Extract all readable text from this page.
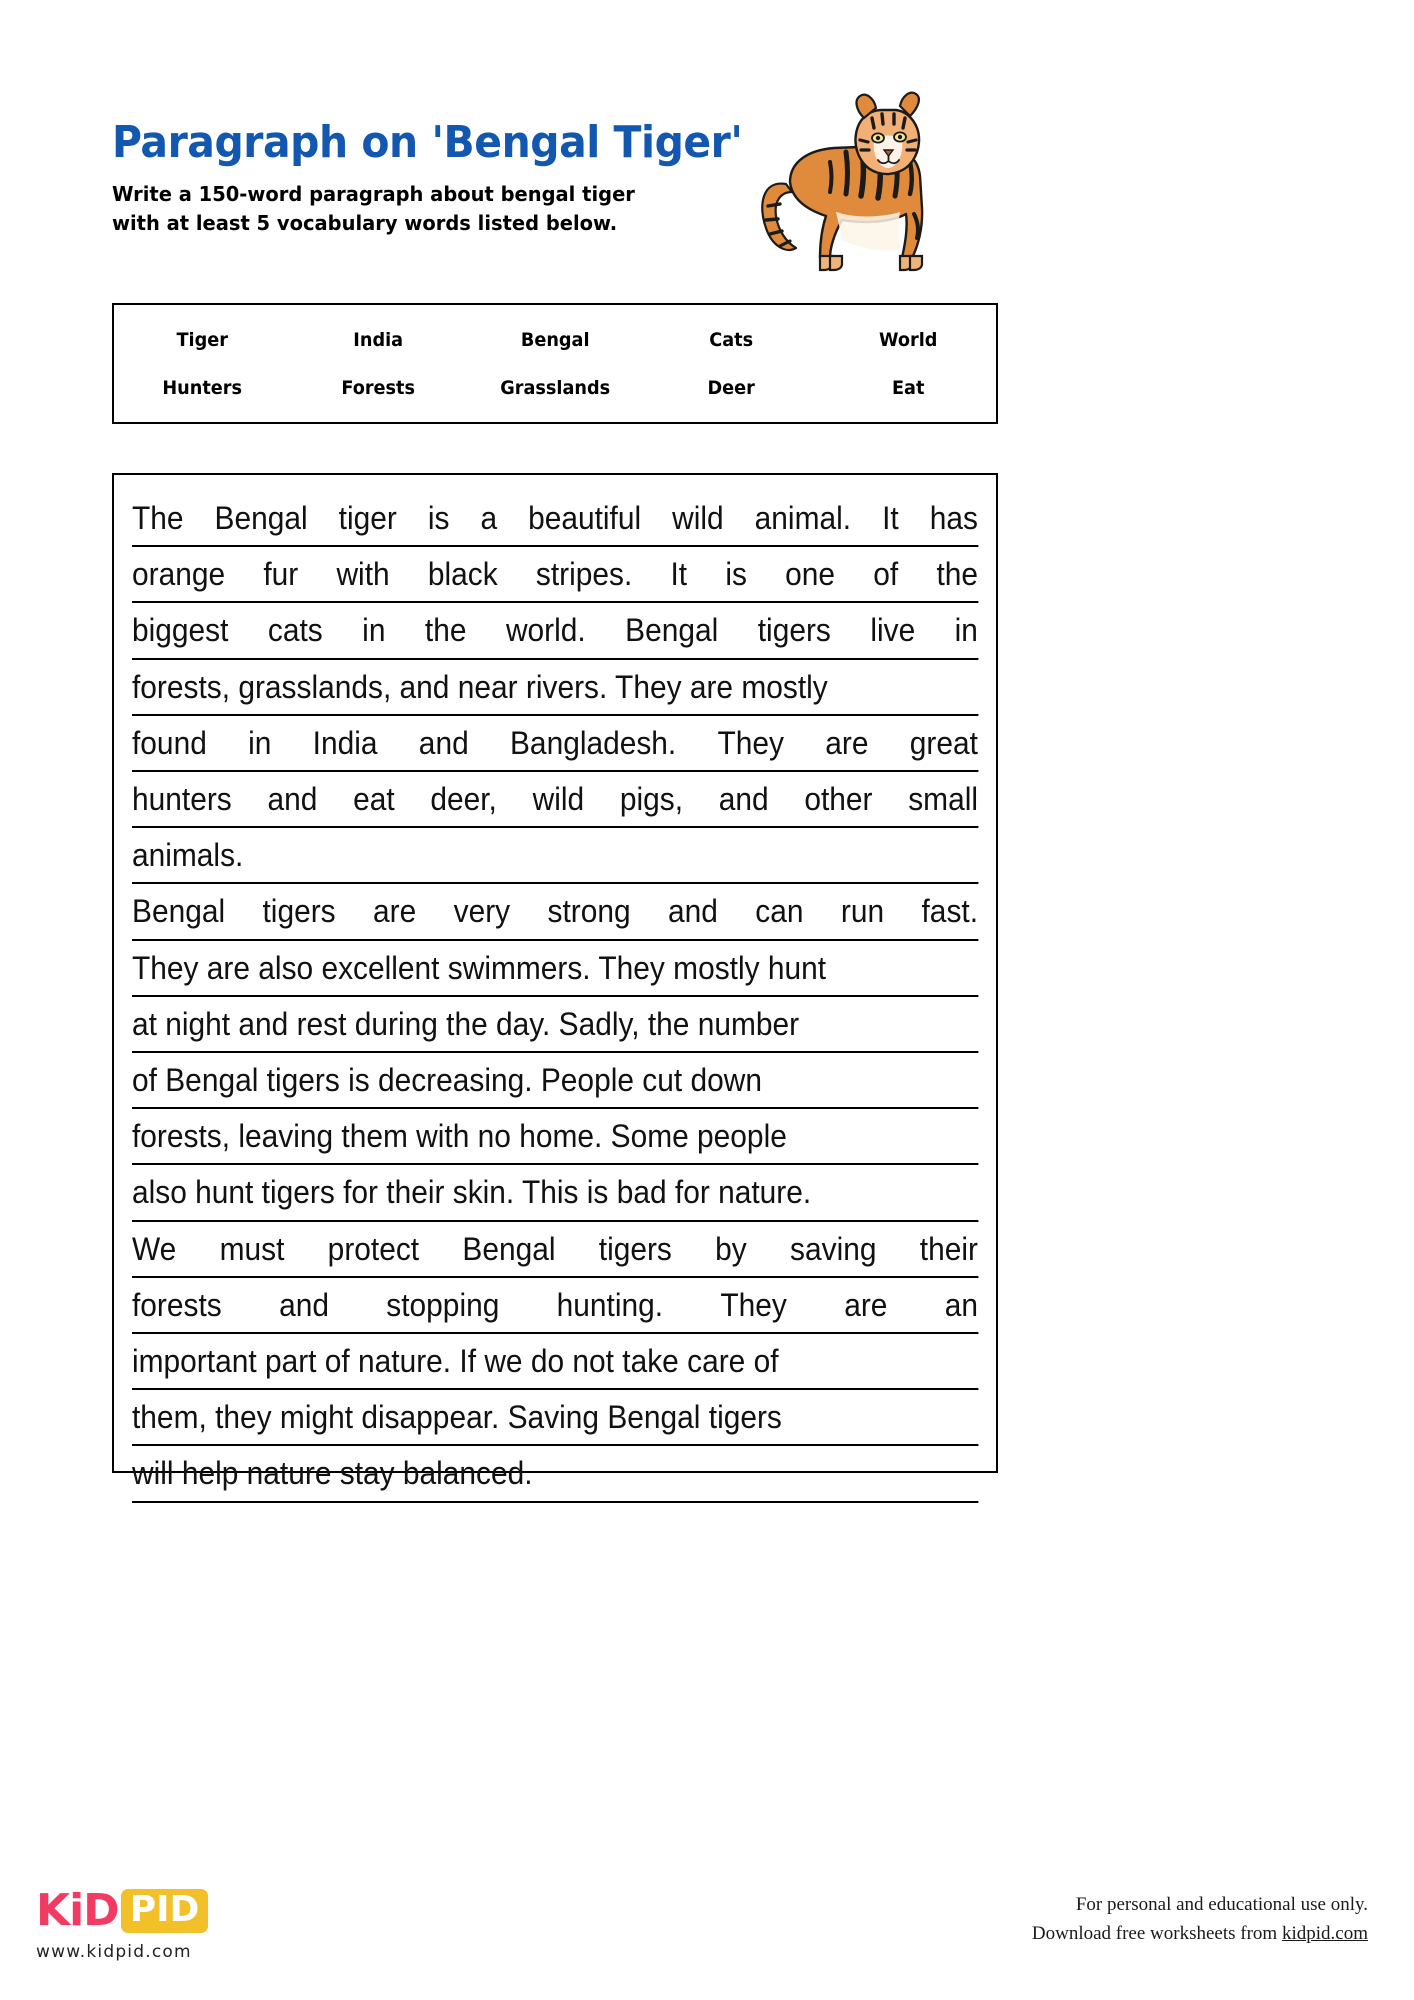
Paragraph on 'Bengal Tiger'

Write a 150-word paragraph about bengal tiger with at least 5 vocabulary words listed below.

Tiger	India	Bengal	Cats	World
Hunters	Forests	Grasslands	Deer	Eat
The Bengal tiger is a beautiful wild animal. It has
orange fur with black stripes. It is one of the
biggest cats in the world. Bengal tigers live in
forests, grasslands, and near rivers. They are mostly
found in India and Bangladesh. They are great
hunters and eat deer, wild pigs, and other small
animals.
Bengal tigers are very strong and can run fast.
They are also excellent swimmers. They mostly hunt
at night and rest during the day. Sadly, the number
of Bengal tigers is decreasing. People cut down
forests, leaving them with no home. Some people
also hunt tigers for their skin. This is bad for nature.
We must protect Bengal tigers by saving their
forests and stopping hunting. They are an
important part of nature. If we do not take care of
them, they might disappear. Saving Bengal tigers
will help nature stay balanced.
KiD PID
www.kidpid.com
For personal and educational use only.
Download free worksheets from kidpid.com
